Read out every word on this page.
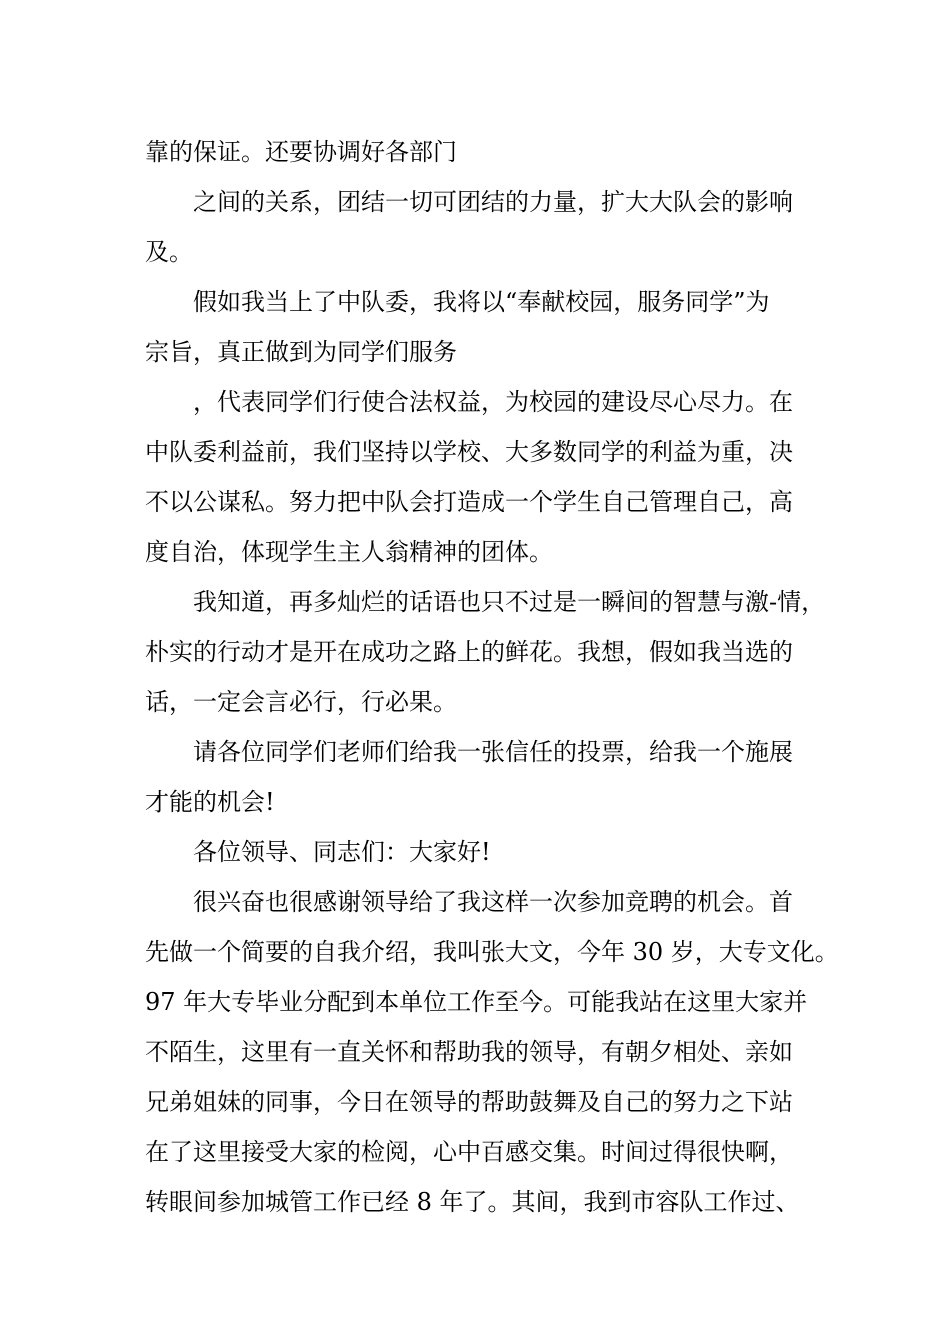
靠的保证。还要协调好各部门
之间的关系，团结一切可团结的力量，扩大大队会的影响
及。
假如我当上了中队委，我将以“奉献校园，服务同学”为
宗旨，真正做到为同学们服务
，代表同学们行使合法权益，为校园的建设尽心尽力。在
中队委利益前，我们坚持以学校、大多数同学的利益为重，决
不以公谋私。努力把中队会打造成一个学生自己管理自己，高
度自治，体现学生主人翁精神的团体。
我知道，再多灿烂的话语也只不过是一瞬间的智慧与激-情，
朴实的行动才是开在成功之路上的鲜花。我想，假如我当选的
话，一定会言必行，行必果。
请各位同学们老师们给我一张信任的投票，给我一个施展
才能的机会!
各位领导、同志们：大家好!
很兴奋也很感谢领导给了我这样一次参加竞聘的机会。首
先做一个简要的自我介绍，我叫张大文，今年 30 岁，大专文化。
97 年大专毕业分配到本单位工作至今。可能我站在这里大家并
不陌生，这里有一直关怀和帮助我的领导，有朝夕相处、亲如
兄弟姐妹的同事，今日在领导的帮助鼓舞及自己的努力之下站
在了这里接受大家的检阅，心中百感交集。时间过得很快啊，
转眼间参加城管工作已经 8 年了。其间，我到市容队工作过、
